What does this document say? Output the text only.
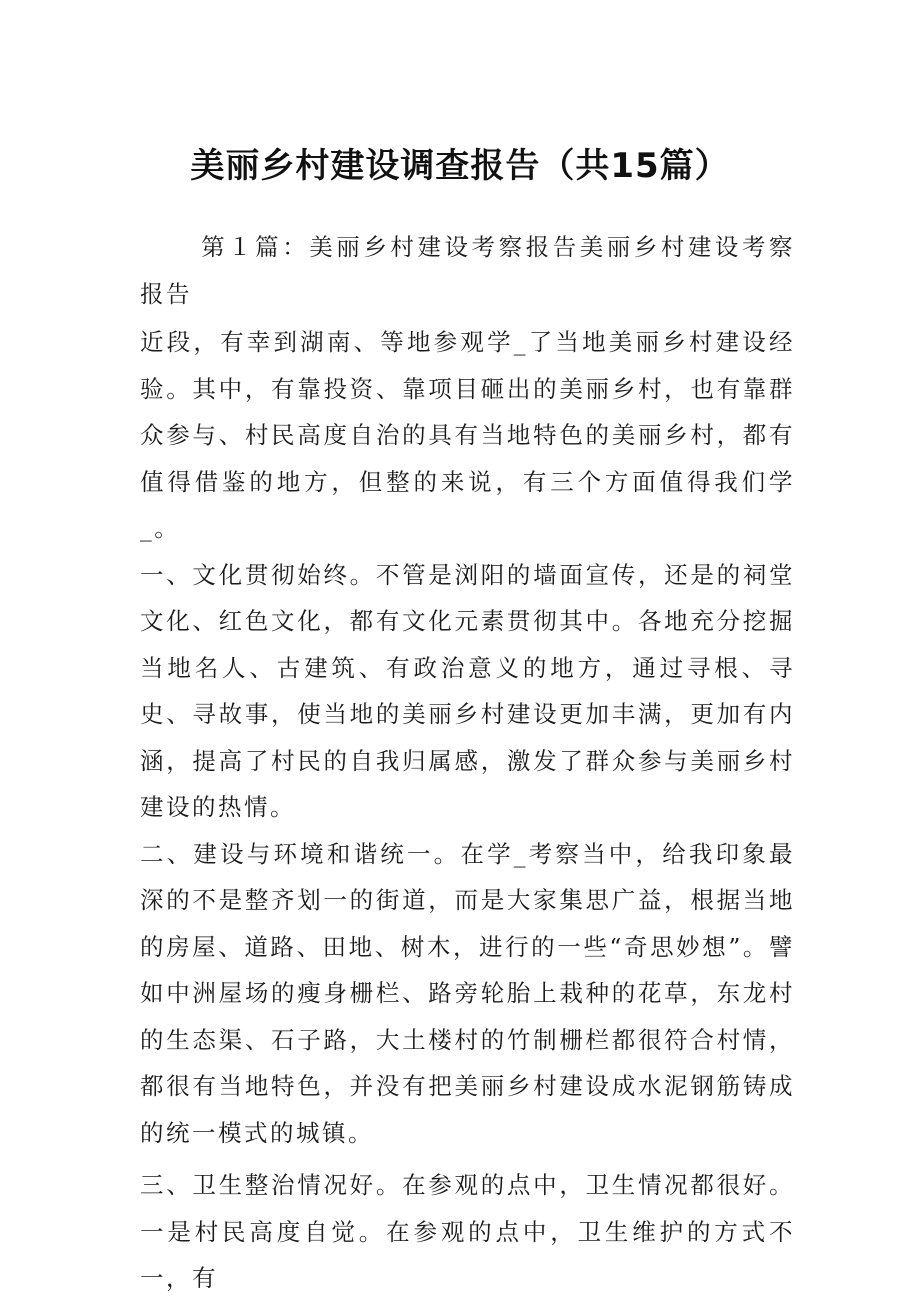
美丽乡村建设调查报告（共15篇）

第１篇：美丽乡村建设考察报告美丽乡村建设考察报告

近段，有幸到湖南、等地参观学_了当地美丽乡村建设经验。其中，有靠投资、靠项目砸出的美丽乡村，也有靠群众参与、村民高度自治的具有当地特色的美丽乡村，都有值得借鉴的地方，但整的来说，有三个方面值得我们学_。

一、文化贯彻始终。不管是浏阳的墙面宣传，还是的祠堂文化、红色文化，都有文化元素贯彻其中。各地充分挖掘当地名人、古建筑、有政治意义的地方，通过寻根、寻史、寻故事，使当地的美丽乡村建设更加丰满，更加有内涵，提高了村民的自我归属感，激发了群众参与美丽乡村建设的热情。

二、建设与环境和谐统一。在学_考察当中，给我印象最深的不是整齐划一的街道，而是大家集思广益，根据当地的房屋、道路、田地、树木，进行的一些“奇思妙想”。譬如中洲屋场的瘦身栅栏、路旁轮胎上栽种的花草，东龙村的生态渠、石子路，大土楼村的竹制栅栏都很符合村情，都很有当地特色，并没有把美丽乡村建设成水泥钢筋铸成的统一模式的城镇。

三、卫生整治情况好。在参观的点中，卫生情况都很好。一是村民高度自觉。在参观的点中，卫生维护的方式不一，有
